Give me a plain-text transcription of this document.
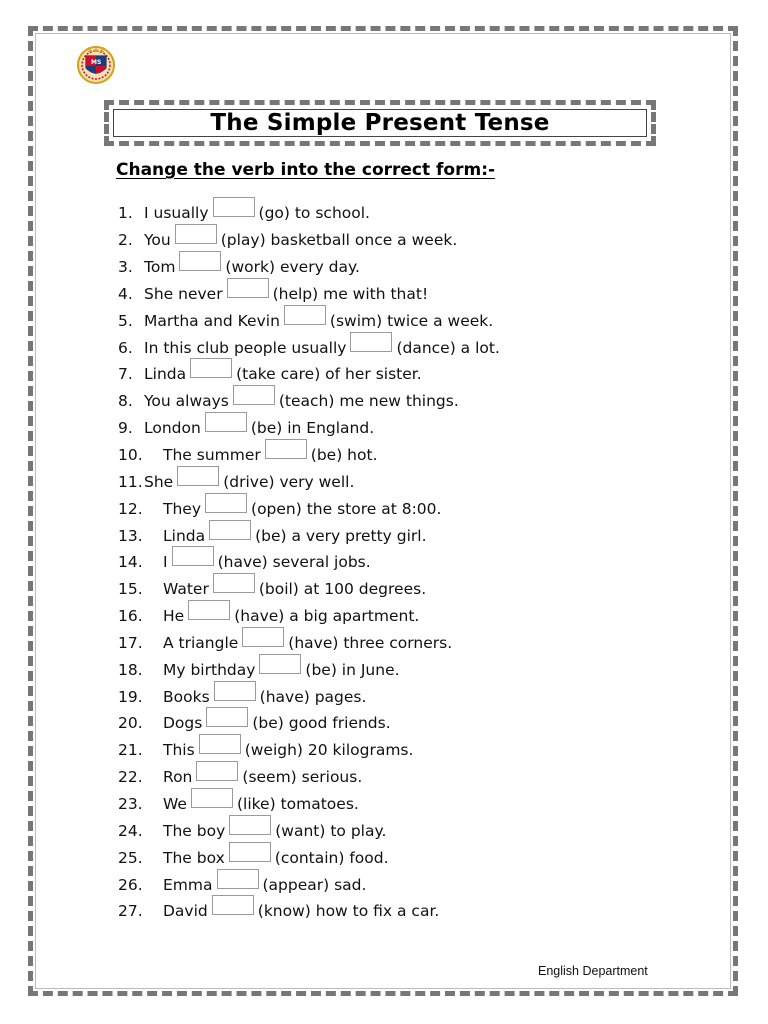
MS
The Simple Present Tense
Change the verb into the correct form:-
1. I usually	(go) to school.
2. You	(play) basketball once a week.
3. Tom	(work) every day.
4. She never	(help) me with that!
5. Martha and Kevin	(swim) twice a week.
6. In this club people usually	(dance) a lot.
7. Linda	(take care) of her sister.
8. You always	(teach) me new things.
9. London	(be) in England.
10.	The summer	(be) hot.
11. She	(drive) very well.
12.	They	(open) the store at 8:00.
13.	Linda	(be) a very pretty girl.
14.	I	(have) several jobs.
15.	Water	(boil) at 100 degrees.
16.	He	(have) a big apartment.
17.	A triangle	(have) three corners.
18.	My birthday	(be) in June.
19.	Books	(have) pages.
20.	Dogs	(be) good friends.
21.	This	(weigh) 20 kilograms.
22.	Ron	(seem) serious.
23.	We	(like) tomatoes.
24.	The boy	(want) to play.
25.	The box	(contain) food.
26.	Emma	(appear) sad.
27.	David	(know) how to fix a car.
English Department
